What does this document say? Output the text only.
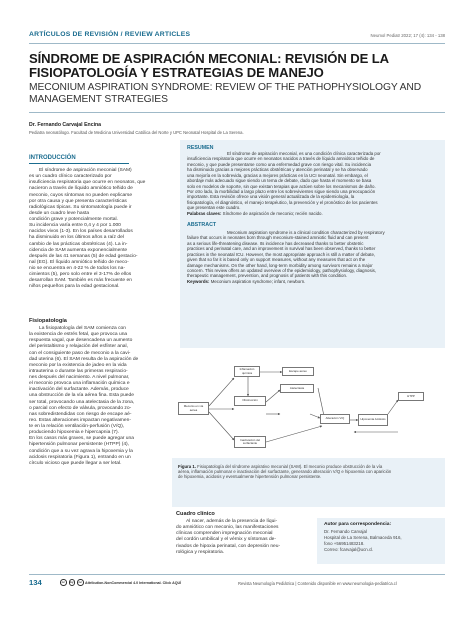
ARTÍCULOS DE REVISIÓN / REVIEW ARTICLES	Neumol Pediatr 2022; 17 (4): 134 - 138
SÍNDROME DE ASPIRACIÓN MECONIAL: REVISIÓN DE LA
FISIOPATOLOGÍA Y ESTRATEGIAS DE MANEJO
MECONIUM ASPIRATION SYNDROME: REVIEW OF THE PATHOPHYSIOLOGY AND
MANAGEMENT STRATEGIES
Dr. Fernando Carvajal Encina
Pediatra neonatólogo. Facultad de Medicina Universidad Católica del Norte y UPC Neonatal Hospital de La Serena.
INTRODUCCIÓN
El síndrome de aspiración meconial (SAM)
es un cuadro clínico caracterizado por
insuficiencia respiratoria que ocurre en neonatos, que
nacieron a través de líquido amniótico teñido de
meconio, cuyos síntomas no pueden explicarse
por otra causa y que presenta características
radiológicas típicas. Su sintomatología puede ir
desde un cuadro leve hasta
condición grave y potencialmente mortal.
Su incidencia varía entre 0,4 y 4 por 1.000
nacidos vivos (1-3). En los países desarrollados
ha disminuido en los últimos años a raíz del
cambio de las prácticas obstétricas (4). La in-
cidencia de SAM aumenta exponencialmente
después de las 41 semanas (5) de edad gestacio-
nal (EG). El líquido amniótico teñido de meco-
nio se encuentra en 4-22 % de todos los na-
cimientos (5), pero solo entre el 3-17% de ellos
desarrollan SAM. También es más frecuente en
niños pequeños para la edad gestacional.
Fisiopatología
La fisiopatología del SAM comienza con
la existencia de estrés fetal, que provoca una
respuesta vagal, que desencadena un aumento
del peristaltismo y relajación del esfínter anal,
con el consiguiente paso de meconio a la cavi-
dad uterina (6). El SAM resulta de la aspiración de
meconio por la existencia de jadeo en la vida
intrauterina o durante las primeras respiracio-
nes después del nacimiento. A nivel pulmonar,
el meconio provoca una inflamación química e
inactivación del surfactante. Además, produce
una obstrucción de la vía aérea fina. Esta puede
ser total, provocando una atelectasia de la zona,
o parcial con efecto de válvula, provocando zo-
nas sobredistendidas con riesgo de escape aé-
reo. Estas alteraciones impactan negativamen-
te en la relación ventilación-perfusión (V/Q),
produciendo hipoxemia e hipercapnia (7).
En los casos más graves, se puede agregar una
hipertensión pulmonar persistente (HTPP) (4),
condición que a su vez agrava la hipoxemia y la
acidosis respiratoria (Figura 1), entrando en un
círculo vicioso que puede llegar a ser letal.
RESUMEN
El síndrome de aspiración meconial, es una condición clínica caracterizada por
insuficiencia respiratoria que ocurre en neonatos nacidos a través de líquido amniótico teñido de
meconio, y que puede presentarse como una enfermedad grave con riesgo vital. Su incidencia
ha disminuido gracias a mejores prácticas obstétricas y atención perinatal y se ha observado
una mejoría en la sobrevida, gracias a mejores prácticas en la UCI neonatal. Sin embargo, el
abordaje más adecuado sigue siendo un tema de debate, dado que hasta el momento se basa
solo en modelos de soporte, sin que existan terapias que actúen sobre los mecanismos de daño.
Por otro lado, la morbilidad a largo plazo entre los sobrevivientes sigue siendo una preocupación
importante. Esta revisión ofrece una visión general actualizada de la epidemiología, la
fisiopatología, el diagnóstico, el manejo terapéutico, la prevención y el pronóstico de los pacientes
que presentan este cuadro.
Palabras claves: Síndrome de aspiración de meconio; recién nacido.
ABSTRACT
Meconium aspiration syndrome is a clinical condition characterized by respiratory
failure that occurs in neonates born through meconium-stained amniotic fluid and can present
as a serious life-threatening disease. Its incidence has decreased thanks to better obstetric
practices and perinatal care, and an improvement in survival has been observed, thanks to better
practices in the neonatal ICU. However, the most appropriate approach is still a matter of debate,
given that so far it is based only on support measures, without any measures that act on the
damage mechanisms. On the other hand, long-term morbidity among survivors remains a major
concern. This review offers an updated overview of the epidemiology, pathophysiology, diagnosis,
therapeutic management, prevention, and prognosis of patients with this condition.
Keywords: Meconium aspiration syndrome; infant, newborn.
Meconio en vía aérea
Inflamación química	Escape aéreo
Obstrucción
Atelectasia
Inactivación del surfactante
Alteración V/Q	Hipoxemia Acidosis
HTPP
Figura 1. Fisiopatología del síndrome aspirativo meconial (SAM). El meconio produce obstrucción de la vía
aérea, inflamación pulmonar e inactivación del surfactante, generando alteración V/Q e hipoxemia con aparición
de hipoxemia, acidosis y eventualmente hipertensión pulmonar persistente.
Cuadro clínico
Al nacer, además de la presencia de líqui-
do amniótico con meconio, las manifestaciones
clínicas comprenden impregnación meconial
del cordón umbilical y el vérnix y síntomas de-
rivados de hipoxia perinatal, con depresión neu-
rológica y respiratoria.
Autor para correspondencia:
Dr. Fernando Carvajal
Hospital de La Serena, Balmaceda 916,
fono +56951483218.
Correo: fcarvajal@ucn.cl.
134	cc	by	nc Attribution-NonCommercial 4.0 International. Click AQUÍ	Revista Neumología Pediátrica | Contenido disponible en www.neumologia-pediatrica.cl
